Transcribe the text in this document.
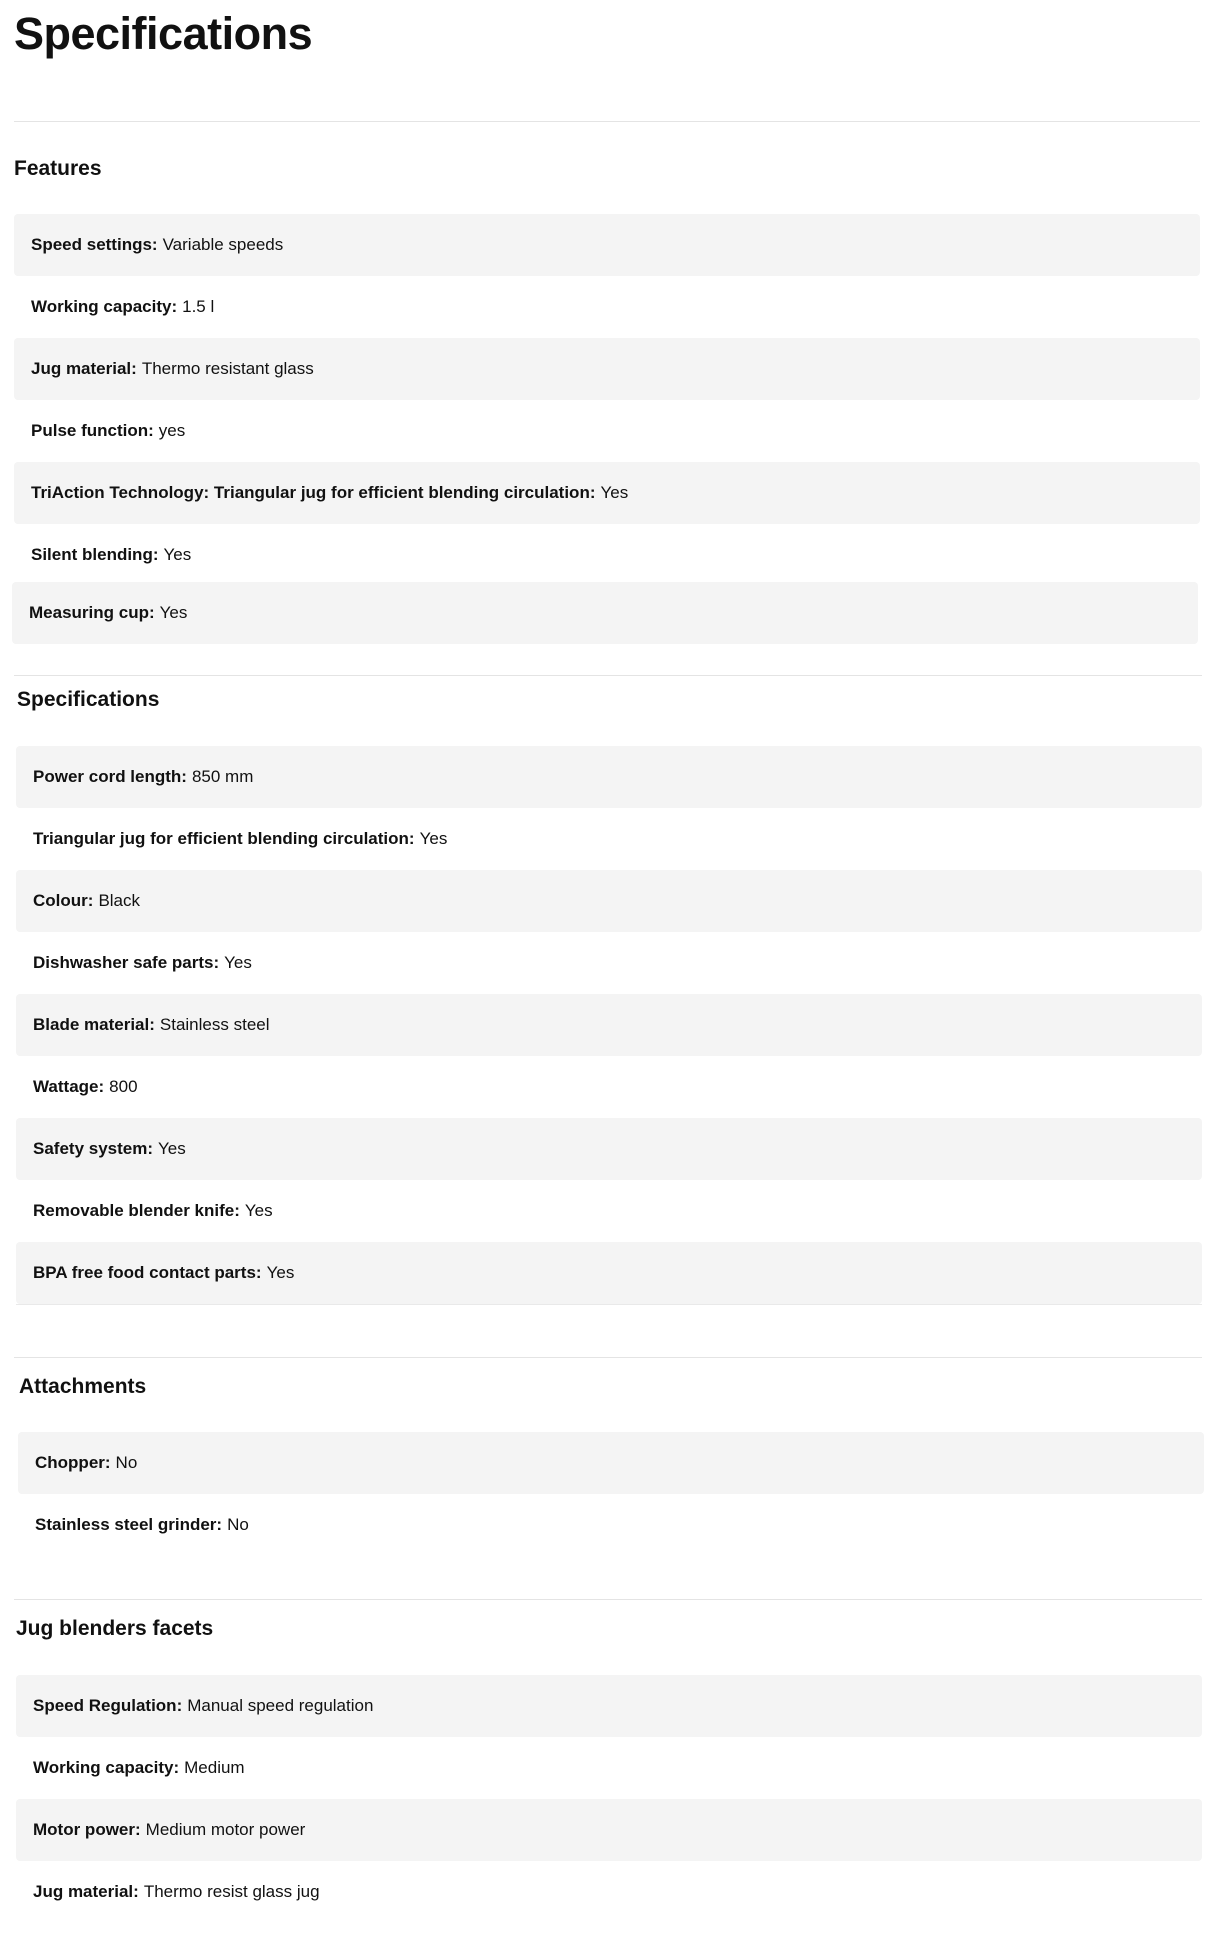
Specifications
Features
Speed settings: Variable speeds
Working capacity: 1.5 l
Jug material: Thermo resistant glass
Pulse function: yes
TriAction Technology: Triangular jug for efficient blending circulation: Yes
Silent blending: Yes
Measuring cup: Yes
Specifications
Power cord length: 850 mm
Triangular jug for efficient blending circulation: Yes
Colour: Black
Dishwasher safe parts: Yes
Blade material: Stainless steel
Wattage: 800
Safety system: Yes
Removable blender knife: Yes
BPA free food contact parts: Yes
Attachments
Chopper: No
Stainless steel grinder: No
Jug blenders facets
Speed Regulation: Manual speed regulation
Working capacity: Medium
Motor power: Medium motor power
Jug material: Thermo resist glass jug
